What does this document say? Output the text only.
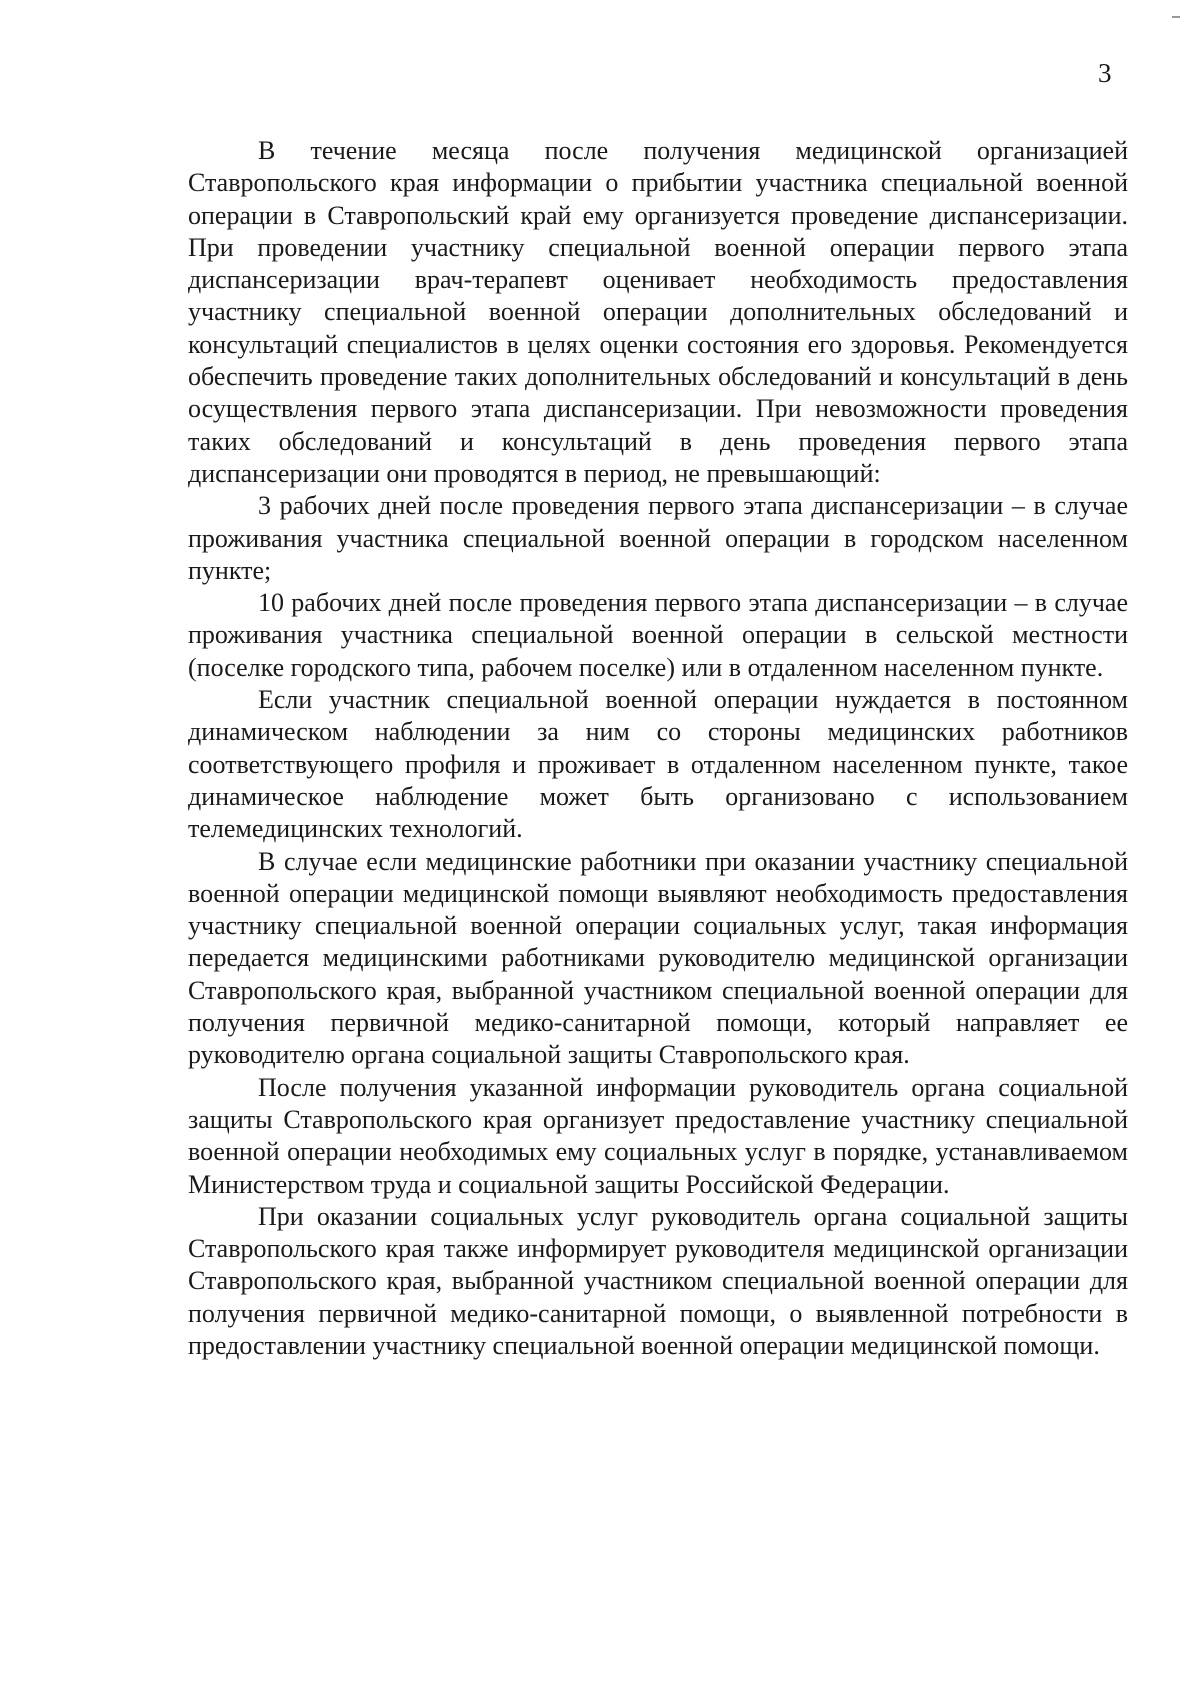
3

В течение месяца после получения медицинской организацией Ставропольского края информации о прибытии участника специальной военной операции в Ставропольский край ему организуется проведение диспансеризации. При проведении участнику специальной военной операции первого этапа диспансеризации врач-терапевт оценивает необходимость предоставления участнику специальной военной операции дополнительных обследований и консультаций специалистов в целях оценки состояния его здоровья. Рекомендуется обеспечить проведение таких дополнительных обследований и консультаций в день осуществления первого этапа диспансеризации. При невозможности проведения таких обследований и консультаций в день проведения первого этапа диспансеризации они проводятся в период, не превышающий:

3 рабочих дней после проведения первого этапа диспансеризации – в случае проживания участника специальной военной операции в городском населенном пункте;

10 рабочих дней после проведения первого этапа диспансеризации – в случае проживания участника специальной военной операции в сельской местности (поселке городского типа, рабочем поселке) или в отдаленном населенном пункте.

Если участник специальной военной операции нуждается в постоянном динамическом наблюдении за ним со стороны медицинских работников соответствующего профиля и проживает в отдаленном населенном пункте, такое динамическое наблюдение может быть организовано с использованием телемедицинских технологий.

В случае если медицинские работники при оказании участнику специальной военной операции медицинской помощи выявляют необходимость предоставления участнику специальной военной операции социальных услуг, такая информация передается медицинскими работниками руководителю медицинской организации Ставропольского края, выбранной участником специальной военной операции для получения первичной медико-санитарной помощи, который направляет ее руководителю органа социальной защиты Ставропольского края.

После получения указанной информации руководитель органа социальной защиты Ставропольского края организует предоставление участнику специальной военной операции необходимых ему социальных услуг в порядке, устанавливаемом Министерством труда и социальной защиты Российской Федерации.

При оказании социальных услуг руководитель органа социальной защиты Ставропольского края также информирует руководителя медицинской организации Ставропольского края, выбранной участником специальной военной операции для получения первичной медико-санитарной помощи, о выявленной потребности в предоставлении участнику специальной военной операции медицинской помощи.
